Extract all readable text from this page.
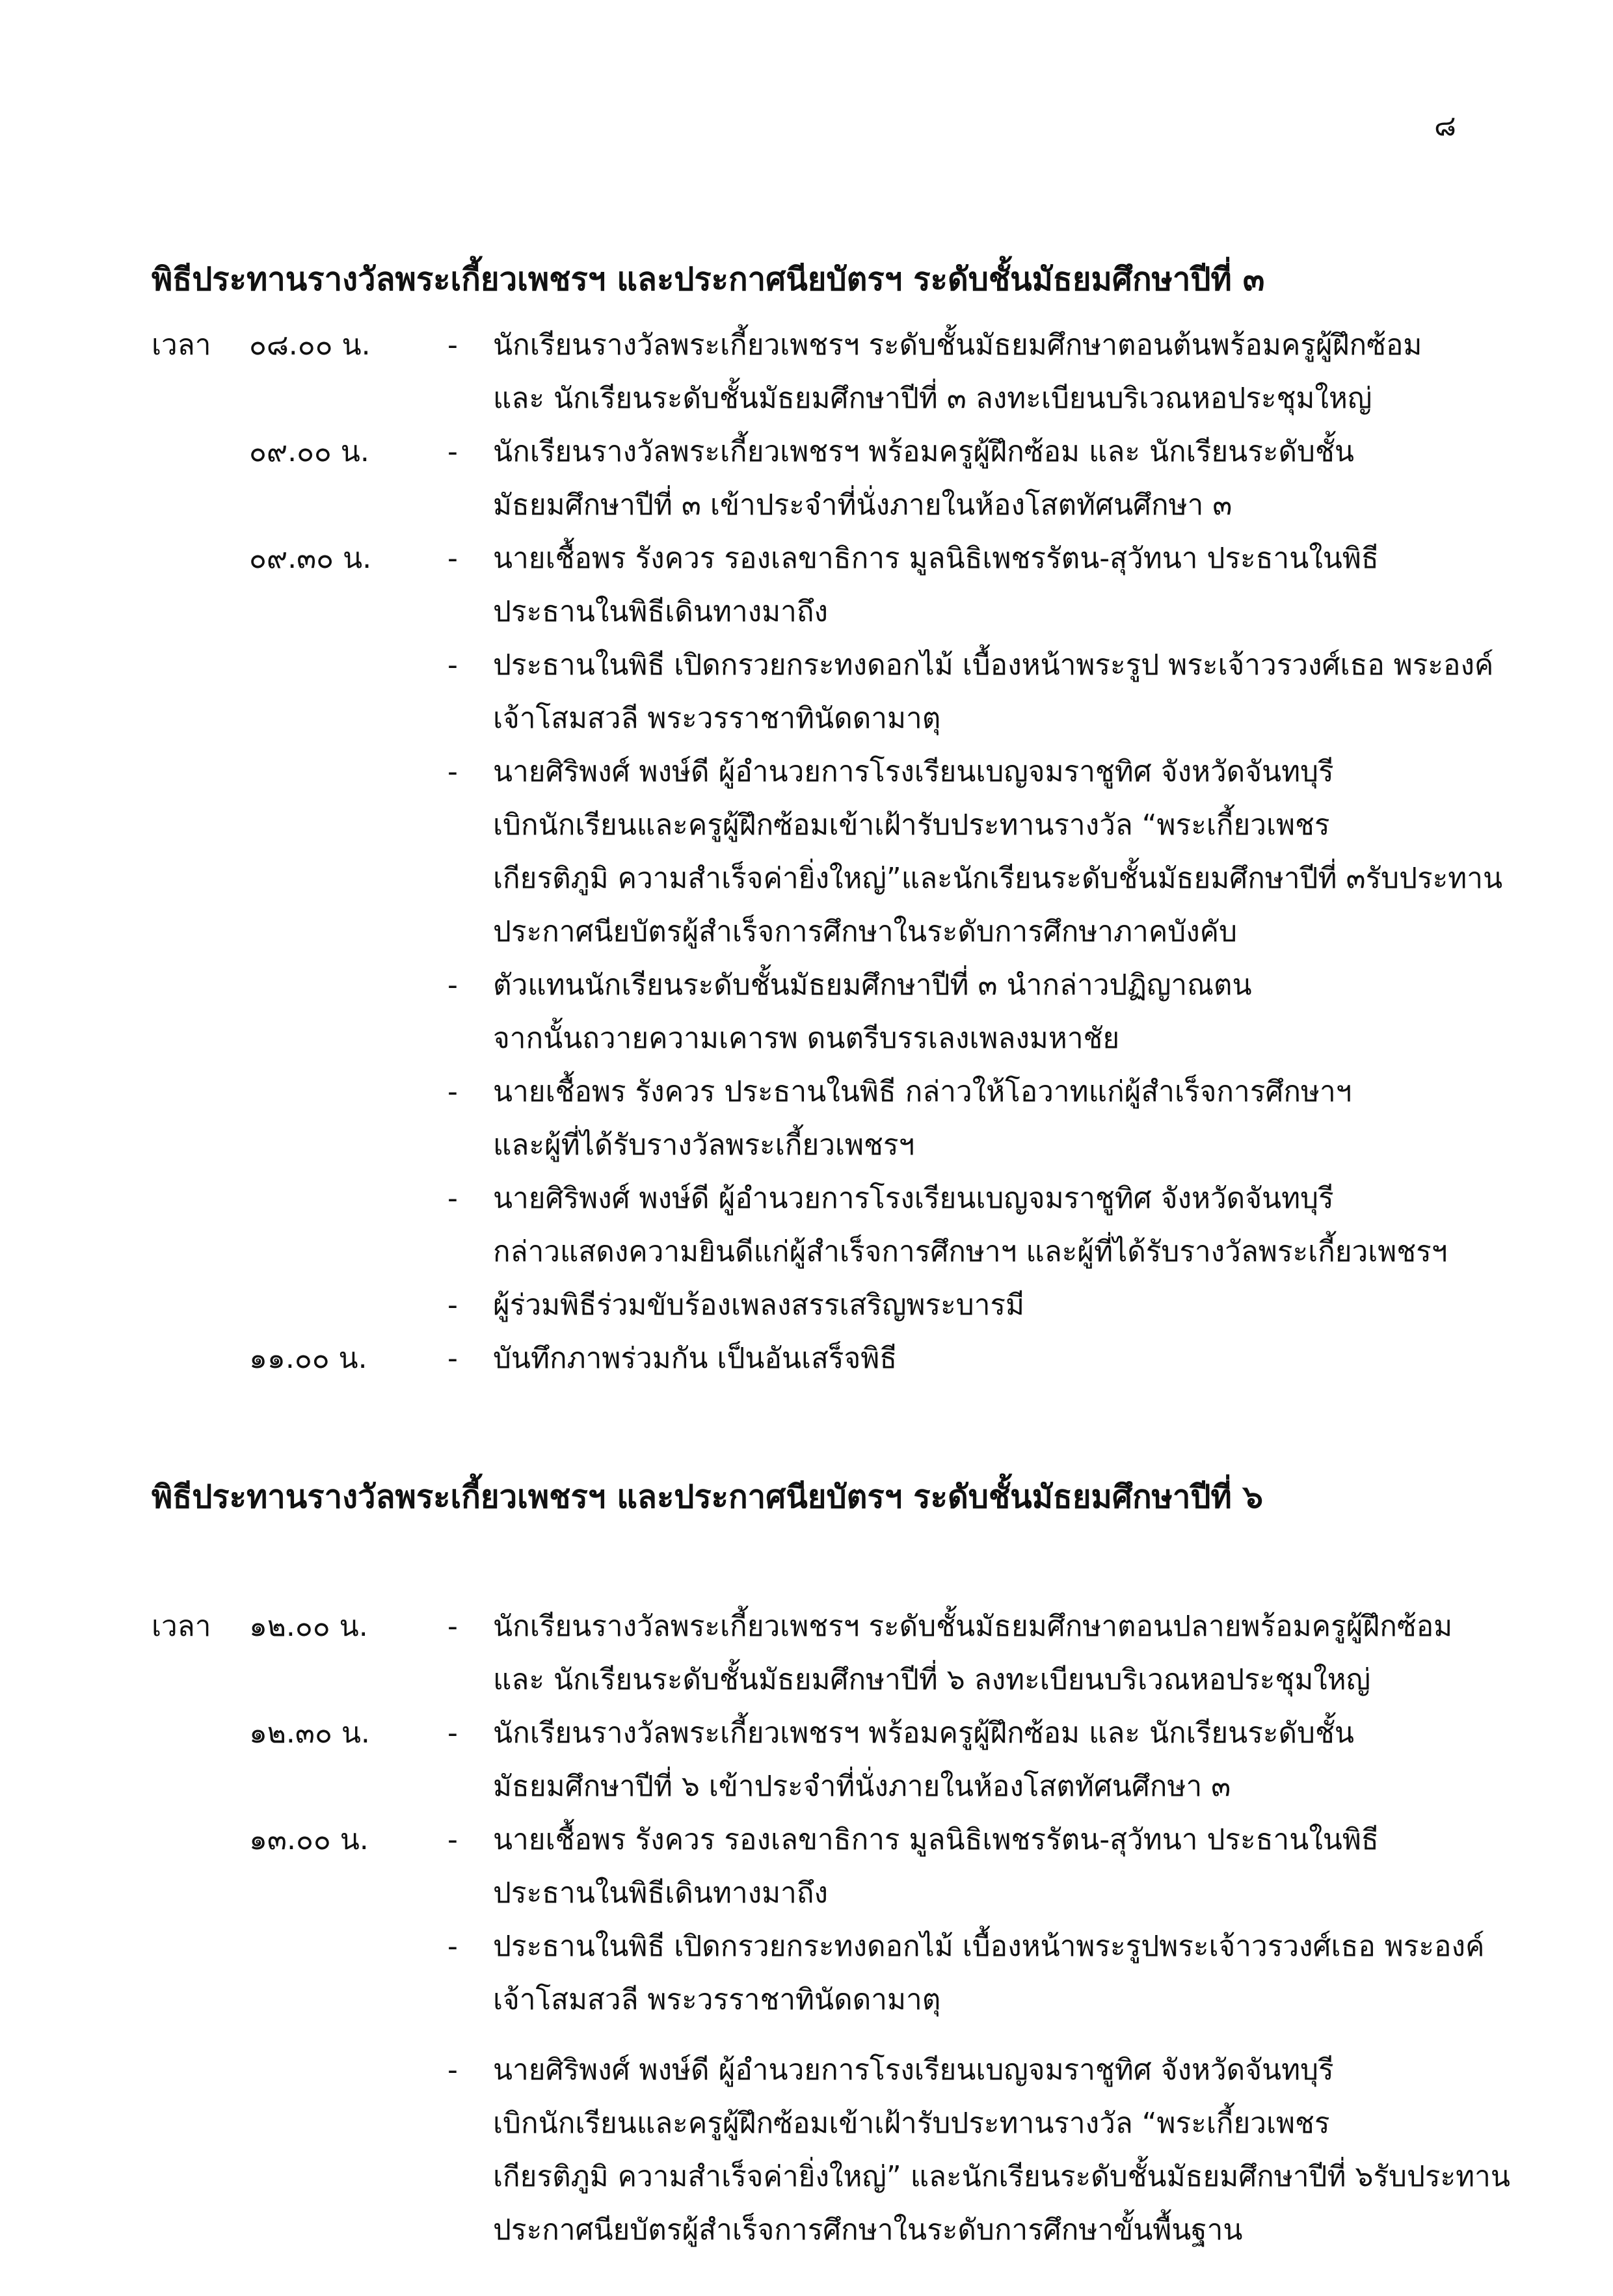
๘
พิธีประทานรางวัลพระเกี้ยวเพชรฯ และประกาศนียบัตรฯ ระดับชั้นมัธยมศึกษาปีที่ ๓
เวลา ๐๘.๐๐ น.	- นักเรียนรางวัลพระเกี้ยวเพชรฯ ระดับชั้นมัธยมศึกษาตอนต้นพร้อมครูผู้ฝึกซ้อม
และ นักเรียนระดับชั้นมัธยมศึกษาปีที่ ๓ ลงทะเบียนบริเวณหอประชุมใหญ่
๐๙.๐๐ น.	- นักเรียนรางวัลพระเกี้ยวเพชรฯ พร้อมครูผู้ฝึกซ้อม และ นักเรียนระดับชั้น
มัธยมศึกษาปีที่ ๓ เข้าประจำที่นั่งภายในห้องโสตทัศนศึกษา ๓
๐๙.๓๐ น.	- นายเชื้อพร รังควร รองเลขาธิการ มูลนิธิเพชรรัตน-สุวัทนา ประธานในพิธี
ประธานในพิธีเดินทางมาถึง
- ประธานในพิธี เปิดกรวยกระทงดอกไม้ เบื้องหน้าพระรูป พระเจ้าวรวงศ์เธอ พระองค์
เจ้าโสมสวลี พระวรราชาทินัดดามาตุ
- นายศิริพงศ์ พงษ์ดี ผู้อำนวยการโรงเรียนเบญจมราชูทิศ จังหวัดจันทบุรี
เบิกนักเรียนและครูผู้ฝึกซ้อมเข้าเฝ้ารับประทานรางวัล “พระเกี้ยวเพชร
เกียรติภูมิ ความสำเร็จค่ายิ่งใหญ่”และนักเรียนระดับชั้นมัธยมศึกษาปีที่ ๓รับประทาน
ประกาศนียบัตรผู้สำเร็จการศึกษาในระดับการศึกษาภาคบังคับ
- ตัวแทนนักเรียนระดับชั้นมัธยมศึกษาปีที่ ๓ นำกล่าวปฏิญาณตน
จากนั้นถวายความเคารพ ดนตรีบรรเลงเพลงมหาชัย
- นายเชื้อพร รังควร ประธานในพิธี กล่าวให้โอวาทแก่ผู้สำเร็จการศึกษาฯ
และผู้ที่ได้รับรางวัลพระเกี้ยวเพชรฯ
- นายศิริพงศ์ พงษ์ดี ผู้อำนวยการโรงเรียนเบญจมราชูทิศ จังหวัดจันทบุรี
กล่าวแสดงความยินดีแก่ผู้สำเร็จการศึกษาฯ และผู้ที่ได้รับรางวัลพระเกี้ยวเพชรฯ
- ผู้ร่วมพิธีร่วมขับร้องเพลงสรรเสริญพระบารมี
๑๑.๐๐ น.	- บันทึกภาพร่วมกัน เป็นอันเสร็จพิธี
พิธีประทานรางวัลพระเกี้ยวเพชรฯ และประกาศนียบัตรฯ ระดับชั้นมัธยมศึกษาปีที่ ๖
เวลา ๑๒.๐๐ น.	- นักเรียนรางวัลพระเกี้ยวเพชรฯ ระดับชั้นมัธยมศึกษาตอนปลายพร้อมครูผู้ฝึกซ้อม
และ นักเรียนระดับชั้นมัธยมศึกษาปีที่ ๖ ลงทะเบียนบริเวณหอประชุมใหญ่
๑๒.๓๐ น.	- นักเรียนรางวัลพระเกี้ยวเพชรฯ พร้อมครูผู้ฝึกซ้อม และ นักเรียนระดับชั้น
มัธยมศึกษาปีที่ ๖ เข้าประจำที่นั่งภายในห้องโสตทัศนศึกษา ๓
๑๓.๐๐ น.	- นายเชื้อพร รังควร รองเลขาธิการ มูลนิธิเพชรรัตน-สุวัทนา ประธานในพิธี
ประธานในพิธีเดินทางมาถึง
- ประธานในพิธี เปิดกรวยกระทงดอกไม้ เบื้องหน้าพระรูปพระเจ้าวรวงศ์เธอ พระองค์
เจ้าโสมสวลี พระวรราชาทินัดดามาตุ
- นายศิริพงศ์ พงษ์ดี ผู้อำนวยการโรงเรียนเบญจมราชูทิศ จังหวัดจันทบุรี
เบิกนักเรียนและครูผู้ฝึกซ้อมเข้าเฝ้ารับประทานรางวัล “พระเกี้ยวเพชร
เกียรติภูมิ ความสำเร็จค่ายิ่งใหญ่” และนักเรียนระดับชั้นมัธยมศึกษาปีที่ ๖รับประทาน
ประกาศนียบัตรผู้สำเร็จการศึกษาในระดับการศึกษาขั้นพื้นฐาน
